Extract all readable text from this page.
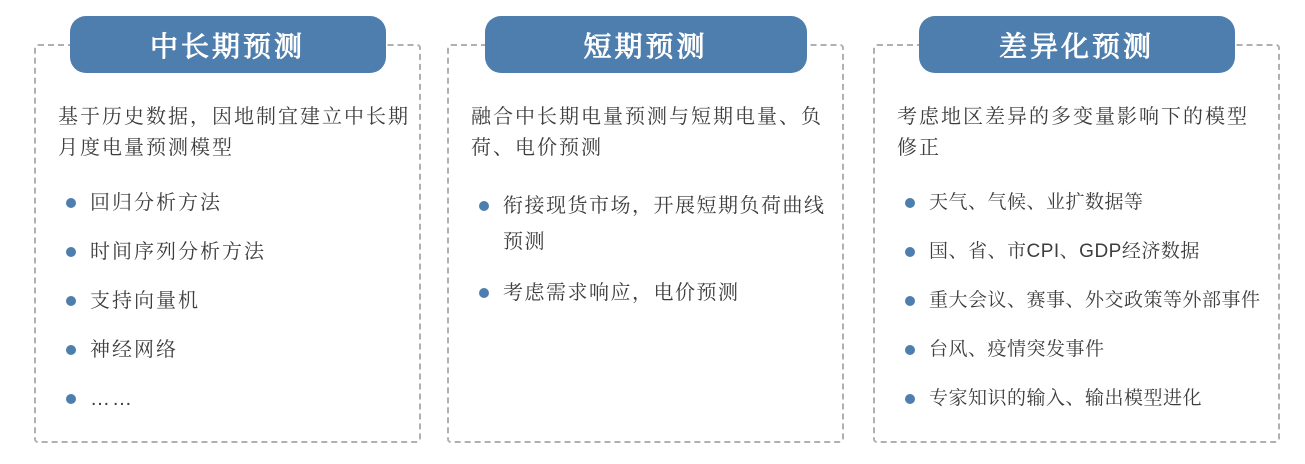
中长期预测

基于历史数据，因地制宜建立中长期月度电量预测模型

回归分析方法
时间序列分析方法
支持向量机
神经网络
……
短期预测

融合中长期电量预测与短期电量、负荷、电价预测

衔接现货市场，开展短期负荷曲线预测
考虑需求响应，电价预测
差异化预测

考虑地区差异的多变量影响下的模型修正

天气、气候、业扩数据等
国、省、市CPI、GDP经济数据
重大会议、赛事、外交政策等外部事件
台风、疫情突发事件
专家知识的输入、输出模型进化
